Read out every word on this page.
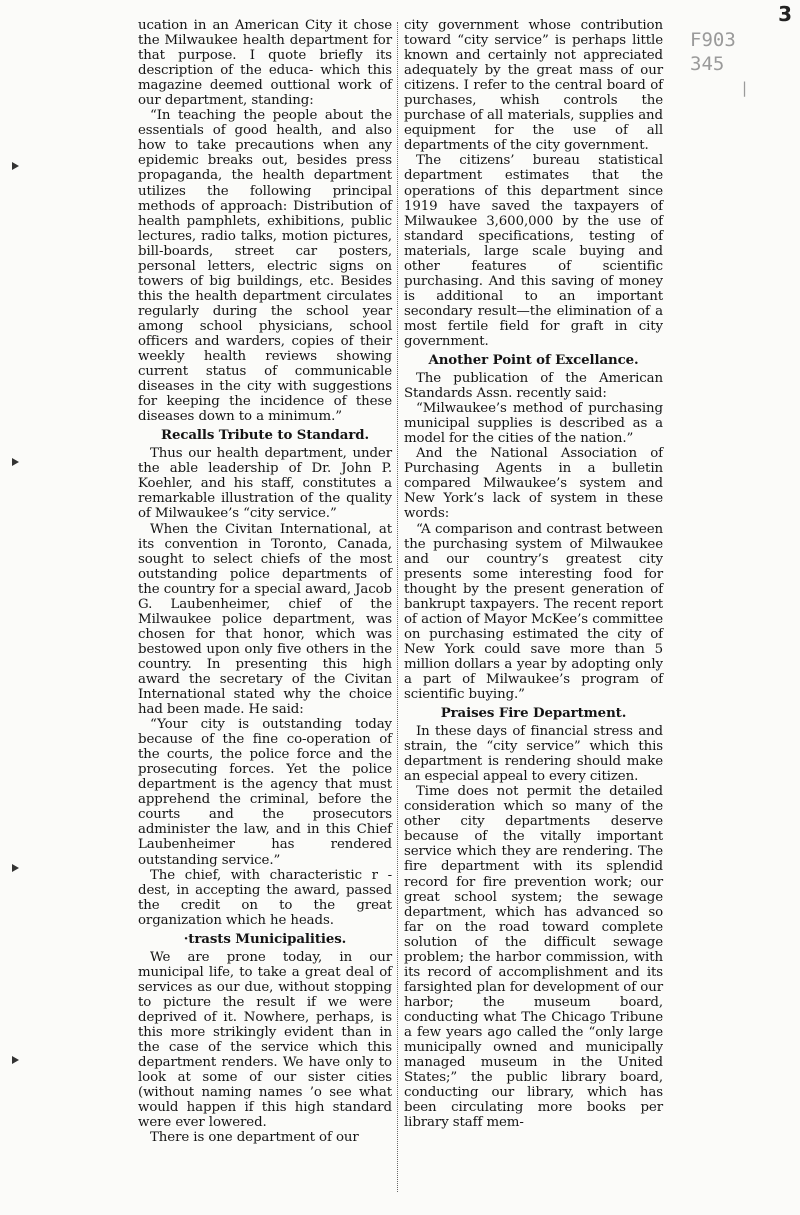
3
F903
345
|

ucation in an American City it chose the Milwaukee health department for that purpose. I quote briefly its description of the educa- which this magazine deemed outtional work of our department, standing:

“In teaching the people about the essentials of good health, and also how to take precautions when any epidemic breaks out, besides press propaganda, the health department utilizes the following principal methods of approach: Distribution of health pamphlets, exhibitions, public lectures, radio talks, motion pictures, bill-boards, street car posters, personal letters, electric signs on towers of big buildings, etc. Besides this the health department circulates regularly during the school year among school physicians, school officers and warders, copies of their weekly health reviews showing current status of communicable diseases in the city with suggestions for keeping the incidence of these diseases down to a minimum.”

Recalls Tribute to Standard.

Thus our health department, under the able leadership of Dr. John P. Koehler, and his staff, constitutes a remarkable illustration of the quality of Milwaukee’s “city service.”

When the Civitan International, at its convention in Toronto, Canada, sought to select chiefs of the most outstanding police departments of the country for a special award, Jacob G. Laubenheimer, chief of the Milwaukee police department, was chosen for that honor, which was bestowed upon only five others in the country. In presenting this high award the secretary of the Civitan International stated why the choice had been made. He said:

“Your city is outstanding today because of the fine co-operation of the courts, the police force and the prosecuting forces. Yet the police department is the agency that must apprehend the criminal, before the courts and the prosecutors administer the law, and in this Chief Laubenheimer has rendered outstanding service.”

The chief, with characteristic r -dest, in accepting the award, passed the credit on to the great organization which he heads.

·trasts Municipalities.

We are prone today, in our municipal life, to take a great deal of services as our due, without stopping to picture the result if we were deprived of it. Nowhere, perhaps, is this more strikingly evident than in the case of the service which this department renders. We have only to look at some of our sister cities (without naming names ’o see what would happen if this high standard were ever lowered.

There is one department of our

city government whose contribution toward “city service” is perhaps little known and certainly not appreciated adequately by the great mass of our citizens. I refer to the central board of purchases, whish controls the purchase of all materials, supplies and equipment for the use of all departments of the city government.

The citizens’ bureau statistical department estimates that the operations of this department since 1919 have saved the taxpayers of Milwaukee 3,600,000 by the use of standard specifications, testing of materials, large scale buying and other features of scientific purchasing. And this saving of money is additional to an important secondary result—the elimination of a most fertile field for graft in city government.

Another Point of Excellance.

The publication of the American Standards Assn. recently said:

“Milwaukee’s method of purchasing municipal supplies is described as a model for the cities of the nation.”

And the National Association of Purchasing Agents in a bulletin compared Milwaukee’s system and New York’s lack of system in these words:

“A comparison and contrast between the purchasing system of Milwaukee and our country’s greatest city presents some interesting food for thought by the present generation of bankrupt taxpayers. The recent report of action of Mayor McKee’s committee on purchasing estimated the city of New York could save more than 5 million dollars a year by adopting only a part of Milwaukee’s program of scientific buying.”

Praises Fire Department.

In these days of financial stress and strain, the “city service” which this department is rendering should make an especial appeal to every citizen.

Time does not permit the detailed consideration which so many of the other city departments deserve because of the vitally important service which they are rendering. The fire department with its splendid record for fire prevention work; our great school system; the sewage department, which has advanced so far on the road toward complete solution of the difficult sewage problem; the harbor commission, with its record of accomplishment and its farsighted plan for development of our harbor; the museum board, conducting what The Chicago Tribune a few years ago called the “only large municipally owned and municipally managed museum in the United States;” the public library board, conducting our library, which has been circulating more books per library staff mem-
